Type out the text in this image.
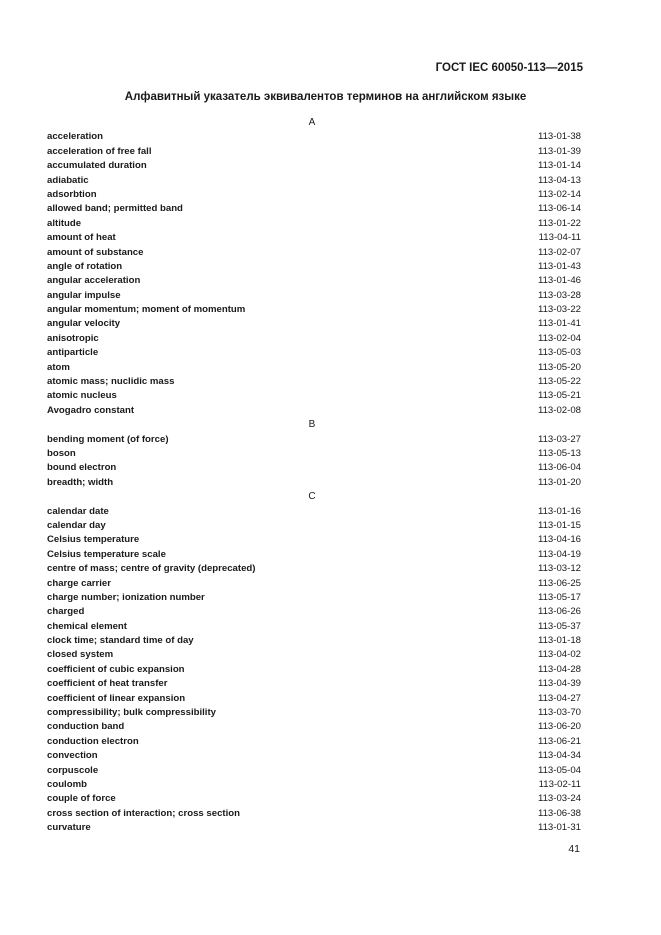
ГОСТ IEC 60050-113—2015
Алфавитный указатель эквивалентов терминов на английском языке
A
acceleration	113-01-38
acceleration of free fall	113-01-39
accumulated duration	113-01-14
adiabatic	113-04-13
adsorbtion	113-02-14
allowed band; permitted band	113-06-14
altitude	113-01-22
amount of heat	113-04-11
amount of substance	113-02-07
angle of rotation	113-01-43
angular acceleration	113-01-46
angular impulse	113-03-28
angular momentum; moment of momentum	113-03-22
angular velocity	113-01-41
anisotropic	113-02-04
antiparticle	113-05-03
atom	113-05-20
atomic mass; nuclidic mass	113-05-22
atomic nucleus	113-05-21
Avogadro constant	113-02-08
B
bending moment (of force)	113-03-27
boson	113-05-13
bound electron	113-06-04
breadth; width	113-01-20
C
calendar date	113-01-16
calendar day	113-01-15
Celsius temperature	113-04-16
Celsius temperature scale	113-04-19
centre of mass; centre of gravity (deprecated)	113-03-12
charge carrier	113-06-25
charge number; ionization number	113-05-17
charged	113-06-26
chemical element	113-05-37
clock time; standard time of day	113-01-18
closed system	113-04-02
coefficient of cubic expansion	113-04-28
coefficient of heat transfer	113-04-39
coefficient of linear expansion	113-04-27
compressibility; bulk compressibility	113-03-70
conduction band	113-06-20
conduction electron	113-06-21
convection	113-04-34
corpuscole	113-05-04
coulomb	113-02-11
couple of force	113-03-24
cross section of interaction; cross section	113-06-38
curvature	113-01-31
41
